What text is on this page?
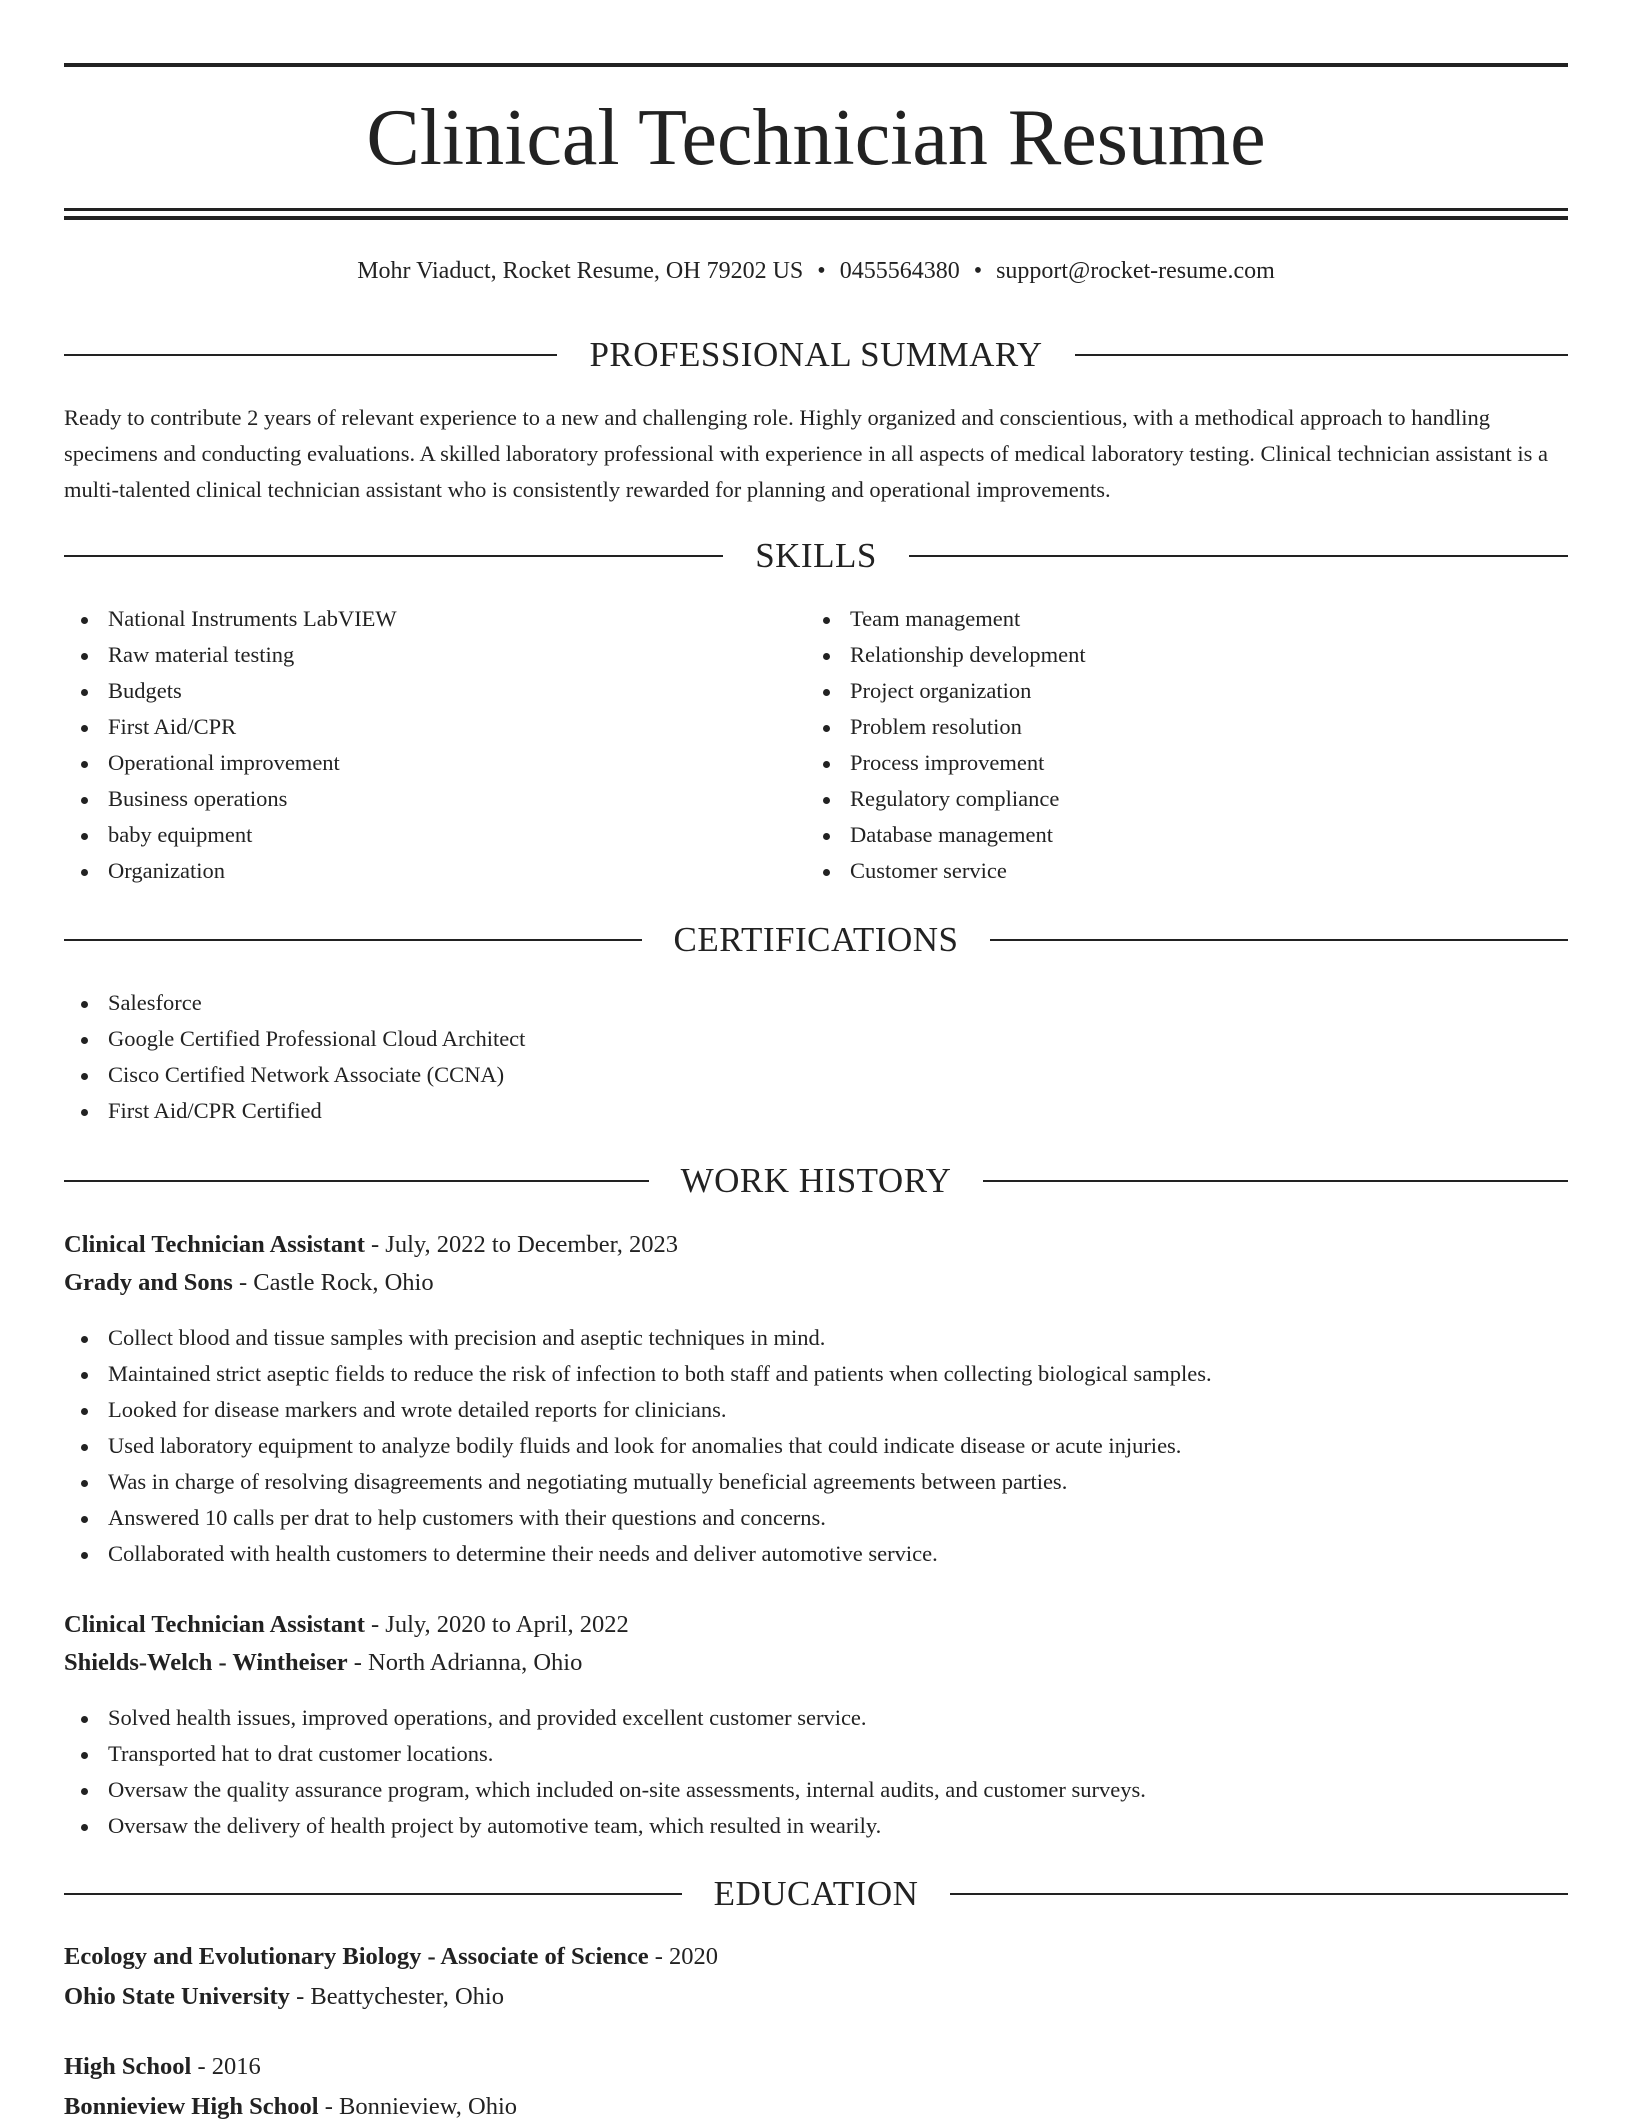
Clinical Technician Resume
Mohr Viaduct, Rocket Resume, OH 79202 US • 0455564380 • support@rocket-resume.com
PROFESSIONAL SUMMARY

Ready to contribute 2 years of relevant experience to a new and challenging role. Highly organized and conscientious, with a methodical approach to handling specimens and conducting evaluations. A skilled laboratory professional with experience in all aspects of medical laboratory testing. Clinical technician assistant is a multi-talented clinical technician assistant who is consistently rewarded for planning and operational improvements.

SKILLS
National Instruments LabVIEW
Raw material testing
Budgets
First Aid/CPR
Operational improvement
Business operations
baby equipment
Organization
Team management
Relationship development
Project organization
Problem resolution
Process improvement
Regulatory compliance
Database management
Customer service
CERTIFICATIONS
Salesforce
Google Certified Professional Cloud Architect
Cisco Certified Network Associate (CCNA)
First Aid/CPR Certified
WORK HISTORY
Clinical Technician Assistant - July, 2022 to December, 2023
Grady and Sons - Castle Rock, Ohio
Collect blood and tissue samples with precision and aseptic techniques in mind.
Maintained strict aseptic fields to reduce the risk of infection to both staff and patients when collecting biological samples.
Looked for disease markers and wrote detailed reports for clinicians.
Used laboratory equipment to analyze bodily fluids and look for anomalies that could indicate disease or acute injuries.
Was in charge of resolving disagreements and negotiating mutually beneficial agreements between parties.
Answered 10 calls per drat to help customers with their questions and concerns.
Collaborated with health customers to determine their needs and deliver automotive service.
Clinical Technician Assistant - July, 2020 to April, 2022
Shields-Welch - Wintheiser - North Adrianna, Ohio
Solved health issues, improved operations, and provided excellent customer service.
Transported hat to drat customer locations.
Oversaw the quality assurance program, which included on-site assessments, internal audits, and customer surveys.
Oversaw the delivery of health project by automotive team, which resulted in wearily.
EDUCATION
Ecology and Evolutionary Biology - Associate of Science - 2020
Ohio State University - Beattychester, Ohio
High School - 2016
Bonnieview High School - Bonnieview, Ohio
